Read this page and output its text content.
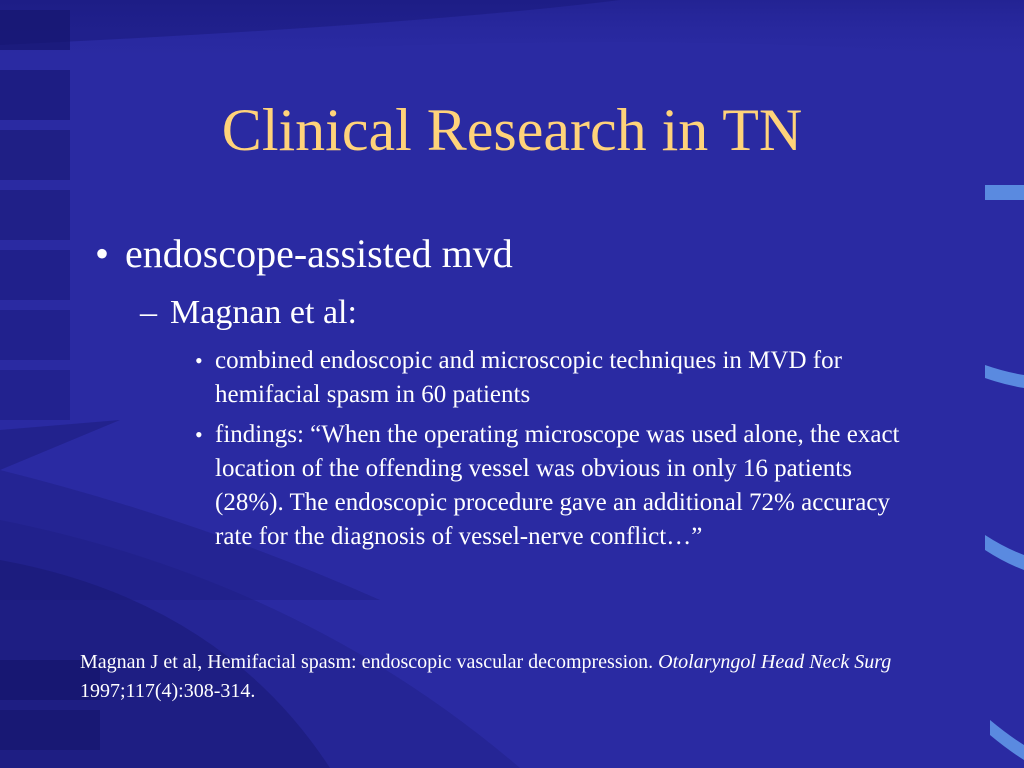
Clinical Research in TN
• endoscope-assisted mvd
– Magnan et al:
• combined endoscopic and microscopic techniques in MVD for hemifacial spasm in 60 patients
• findings: “When the operating microscope was used alone, the exact location of the offending vessel was obvious in only 16 patients (28%). The endoscopic procedure gave an additional 72% accuracy rate for the diagnosis of vessel-nerve conflict…”
Magnan J et al, Hemifacial spasm: endoscopic vascular decompression. Otolaryngol Head Neck Surg 1997;117(4):308-314.
